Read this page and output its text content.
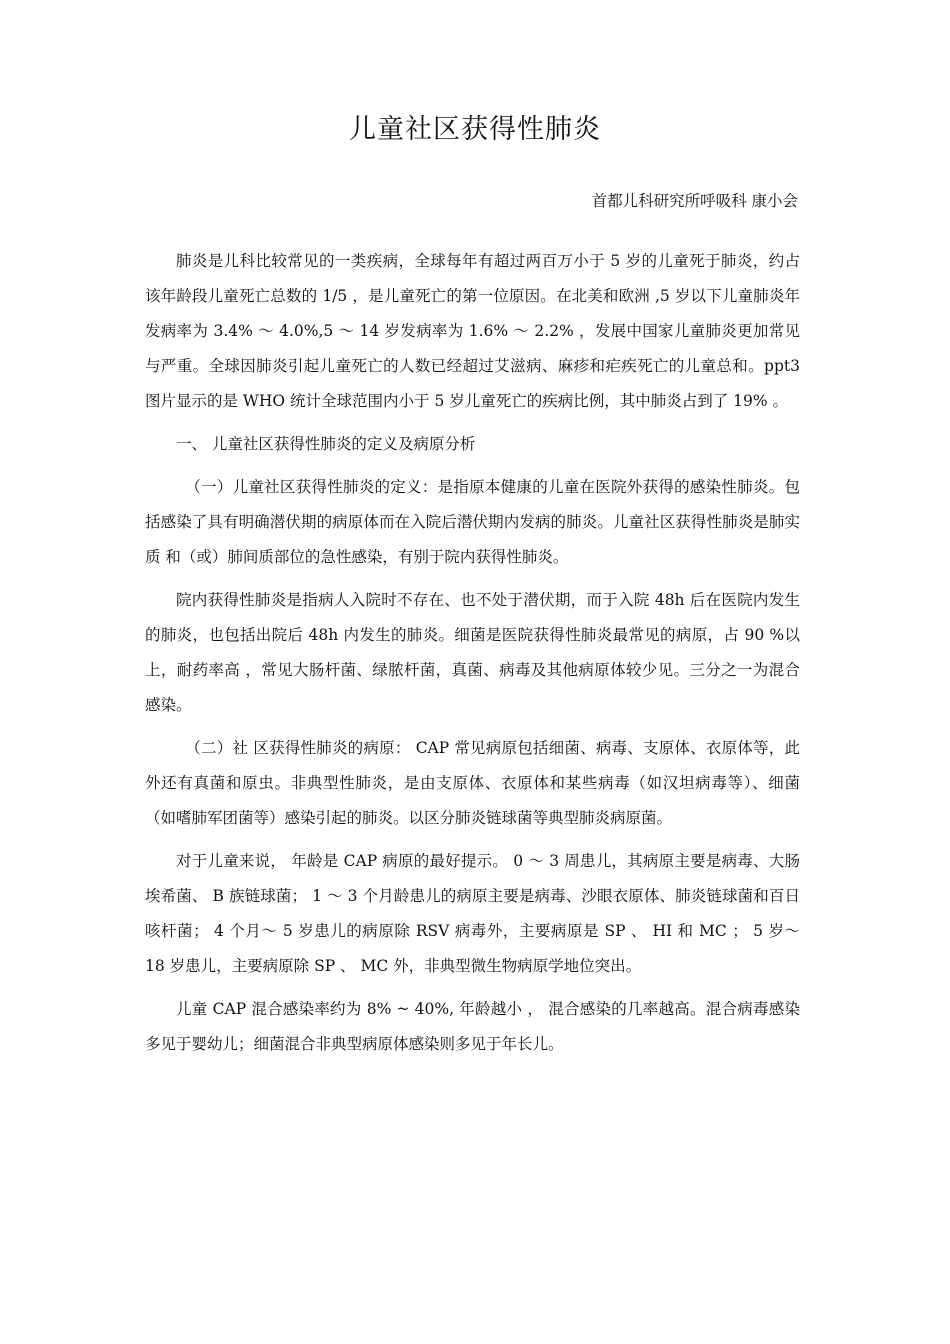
儿童社区获得性肺炎

首都儿科研究所呼吸科 康小会

肺炎是儿科比较常见的一类疾病，全球每年有超过两百万小于 5 岁的儿童死于肺炎，约占该年龄段儿童死亡总数的 1/5 ，是儿童死亡的第一位原因。在北美和欧洲 ,5 岁以下儿童肺炎年发病率为 3.4% ～ 4.0%,5 ～ 14 岁发病率为 1.6% ～ 2.2% ，发展中国家儿童肺炎更加常见与严重。全球因肺炎引起儿童死亡的人数已经超过艾滋病、麻疹和疟疾死亡的儿童总和。ppt3 图片显示的是 WHO 统计全球范围内小于 5 岁儿童死亡的疾病比例，其中肺炎占到了 19% 。

一、 儿童社区获得性肺炎的定义及病原分析

（一）儿童社区获得性肺炎的定义：是指原本健康的儿童在医院外获得的感染性肺炎。包括感染了具有明确潜伏期的病原体而在入院后潜伏期内发病的肺炎。儿童社区获得性肺炎是肺实质 和（或）肺间质部位的急性感染，有别于院内获得性肺炎。

院内获得性肺炎是指病人入院时不存在、也不处于潜伏期，而于入院 48h 后在医院内发生的肺炎，也包括出院后 48h 内发生的肺炎。细菌是医院获得性肺炎最常见的病原，占 90 %以上，耐药率高 ，常见大肠杆菌、绿脓杆菌，真菌、病毒及其他病原体较少见。三分之一为混合感染。

（二）社 区获得性肺炎的病原： CAP 常见病原包括细菌、病毒、支原体、衣原体等，此外还有真菌和原虫。非典型性肺炎，是由支原体、衣原体和某些病毒（如汉坦病毒等）、细菌（如嗜肺军团菌等）感染引起的肺炎。以区分肺炎链球菌等典型肺炎病原菌。

对于儿童来说， 年龄是 CAP 病原的最好提示。 0 ～ 3 周患儿，其病原主要是病毒、大肠埃希菌、 B 族链球菌； 1 ～ 3 个月龄患儿的病原主要是病毒、沙眼衣原体、肺炎链球菌和百日咳杆菌； 4 个月～ 5 岁患儿的病原除 RSV 病毒外，主要病原是 SP 、 HI 和 MC ； 5 岁～ 18 岁患儿，主要病原除 SP 、 MC 外，非典型微生物病原学地位突出。

儿童 CAP 混合感染率约为 8% ~ 40%, 年龄越小 ， 混合感染的几率越高。混合病毒感染多见于婴幼儿；细菌混合非典型病原体感染则多见于年长儿。
